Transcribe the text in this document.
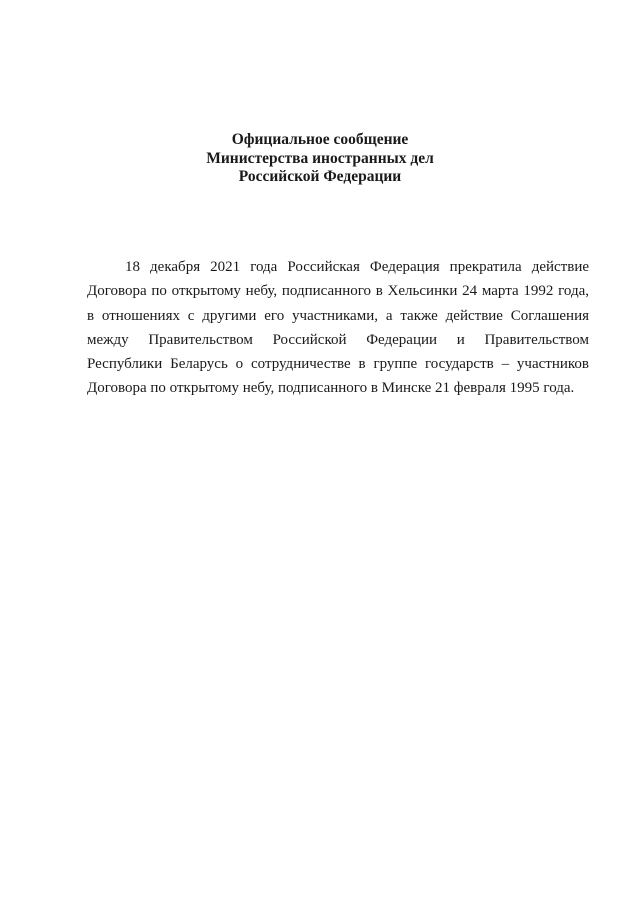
Официальное сообщение
Министерства иностранных дел
Российской Федерации
18 декабря 2021 года Российская Федерация прекратила действие
Договора по открытому небу, подписанного в Хельсинки 24 марта 1992 года,
в отношениях с другими его участниками, а также действие Соглашения
между Правительством Российской Федерации и Правительством
Республики Беларусь о сотрудничестве в группе государств – участников
Договора по открытому небу, подписанного в Минске 21 февраля 1995 года.
